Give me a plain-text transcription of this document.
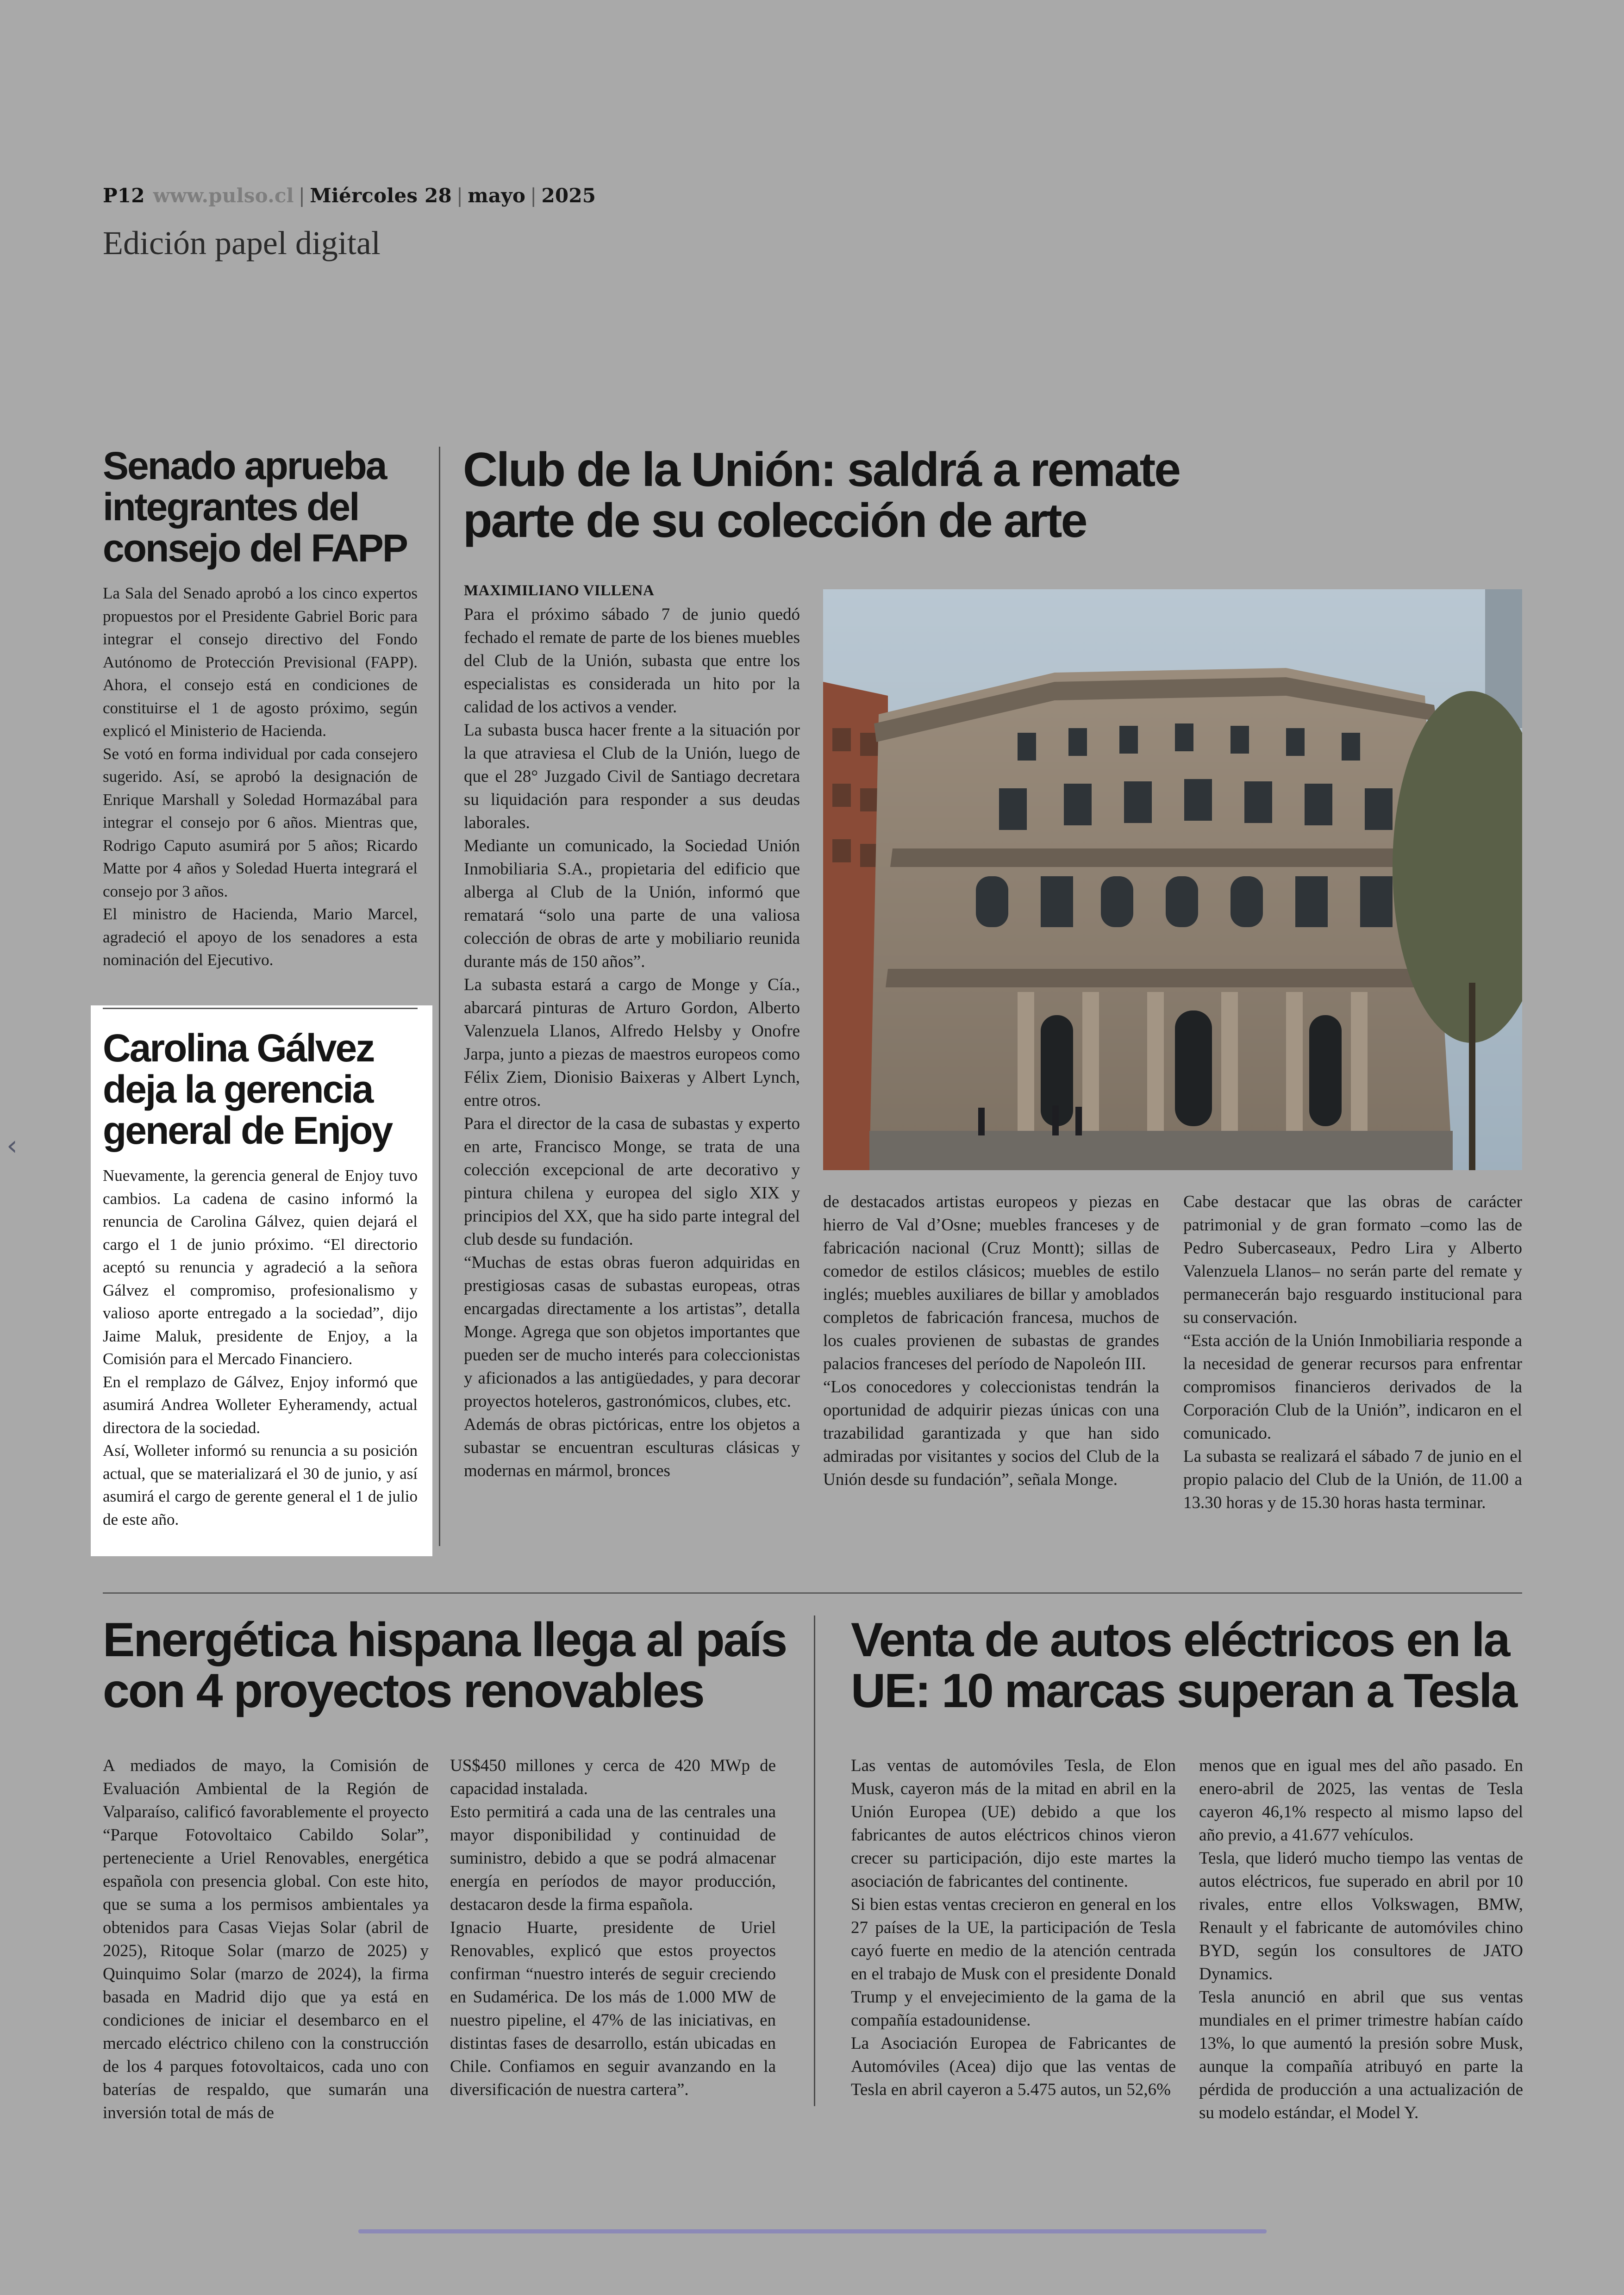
P12 www.pulso.cl | Miércoles 28 | mayo | 2025
Edición papel digital
Senado aprueba integrantes del consejo del FAPP

La Sala del Senado aprobó a los cinco expertos propuestos por el Presidente Gabriel Boric para integrar el consejo directivo del Fondo Autónomo de Protección Previsional (FAPP). Ahora, el consejo está en condiciones de constituirse el 1 de agosto próximo, según explicó el Ministerio de Hacienda.

Se votó en forma individual por cada consejero sugerido. Así, se aprobó la designación de Enrique Marshall y Soledad Hormazábal para integrar el consejo por 6 años. Mientras que, Rodrigo Caputo asumirá por 5 años; Ricardo Matte por 4 años y Soledad Huerta integrará el consejo por 3 años.

El ministro de Hacienda, Mario Marcel, agradeció el apoyo de los senadores a esta nominación del Ejecutivo.

Carolina Gálvez deja la gerencia general de Enjoy

Nuevamente, la gerencia general de Enjoy tuvo cambios. La cadena de casino informó la renuncia de Carolina Gálvez, quien dejará el cargo el 1 de junio próximo. “El directorio aceptó su renuncia y agradeció a la señora Gálvez el compromiso, profesionalismo y valioso aporte entregado a la sociedad”, dijo Jaime Maluk, presidente de Enjoy, a la Comisión para el Mercado Financiero.

En el remplazo de Gálvez, Enjoy informó que asumirá Andrea Wolleter Eyheramendy, actual directora de la sociedad.

Así, Wolleter informó su renuncia a su posición actual, que se materializará el 30 de junio, y así asumirá el cargo de gerente general el 1 de julio de este año.

Club de la Unión: saldrá a remate parte de su colección de arte
MAXIMILIANO VILLENA

Para el próximo sábado 7 de junio quedó fechado el remate de parte de los bienes muebles del Club de la Unión, subasta que entre los especialistas es considerada un hito por la calidad de los activos a vender.

La subasta busca hacer frente a la situación por la que atraviesa el Club de la Unión, luego de que el 28° Juzgado Civil de Santiago decretara su liquidación para responder a sus deudas laborales.

Mediante un comunicado, la Sociedad Unión Inmobiliaria S.A., propietaria del edificio que alberga al Club de la Unión, informó que rematará “solo una parte de una valiosa colección de obras de arte y mobiliario reunida durante más de 150 años”.

La subasta estará a cargo de Monge y Cía., abarcará pinturas de Arturo Gordon, Alberto Valenzuela Llanos, Alfredo Helsby y Onofre Jarpa, junto a piezas de maestros europeos como Félix Ziem, Dionisio Baixeras y Albert Lynch, entre otros.

Para el director de la casa de subastas y experto en arte, Francisco Monge, se trata de una colección excepcional de arte decorativo y pintura chilena y europea del siglo XIX y principios del XX, que ha sido parte integral del club desde su fundación.

“Muchas de estas obras fueron adquiridas en prestigiosas casas de subastas europeas, otras encargadas directamente a los artistas”, detalla Monge. Agrega que son objetos importantes que pueden ser de mucho interés para coleccionistas y aficionados a las antigüedades, y para decorar proyectos hoteleros, gastronómicos, clubes, etc.

Además de obras pictóricas, entre los objetos a subastar se encuentran esculturas clásicas y modernas en mármol, bronces

de destacados artistas europeos y piezas en hierro de Val d’Osne; muebles franceses y de fabricación nacional (Cruz Montt); sillas de comedor de estilos clásicos; muebles de estilo inglés; muebles auxiliares de billar y amoblados completos de fabricación francesa, muchos de los cuales provienen de subastas de grandes palacios franceses del período de Napoleón III.

“Los conocedores y coleccionistas tendrán la oportunidad de adquirir piezas únicas con una trazabilidad garantizada y que han sido admiradas por visitantes y socios del Club de la Unión desde su fundación”, señala Monge.

Cabe destacar que las obras de carácter patrimonial y de gran formato –como las de Pedro Subercaseaux, Pedro Lira y Alberto Valenzuela Llanos– no serán parte del remate y permanecerán bajo resguardo institucional para su conservación.

“Esta acción de la Unión Inmobiliaria responde a la necesidad de generar recursos para enfrentar compromisos financieros derivados de la Corporación Club de la Unión”, indicaron en el comunicado.

La subasta se realizará el sábado 7 de junio en el propio palacio del Club de la Unión, de 11.00 a 13.30 horas y de 15.30 horas hasta terminar.

Energética hispana llega al país con 4 proyectos renovables

A mediados de mayo, la Comisión de Evaluación Ambiental de la Región de Valparaíso, calificó favorablemente el proyecto “Parque Fotovoltaico Cabildo Solar”, perteneciente a Uriel Renovables, energética española con presencia global. Con este hito, que se suma a los permisos ambientales ya obtenidos para Casas Viejas Solar (abril de 2025), Ritoque Solar (marzo de 2025) y Quinquimo Solar (marzo de 2024), la firma basada en Madrid dijo que ya está en condiciones de iniciar el desembarco en el mercado eléctrico chileno con la construcción de los 4 parques fotovoltaicos, cada uno con baterías de respaldo, que sumarán una inversión total de más de

US$450 millones y cerca de 420 MWp de capacidad instalada.

Esto permitirá a cada una de las centrales una mayor disponibilidad y continuidad de suministro, debido a que se podrá almacenar energía en períodos de mayor producción, destacaron desde la firma española.

Ignacio Huarte, presidente de Uriel Renovables, explicó que estos proyectos confirman “nuestro interés de seguir creciendo en Sudamérica. De los más de 1.000 MW de nuestro pipeline, el 47% de las iniciativas, en distintas fases de desarrollo, están ubicadas en Chile. Confiamos en seguir avanzando en la diversificación de nuestra cartera”.

Venta de autos eléctricos en la UE: 10 marcas superan a Tesla

Las ventas de automóviles Tesla, de Elon Musk, cayeron más de la mitad en abril en la Unión Europea (UE) debido a que los fabricantes de autos eléctricos chinos vieron crecer su participación, dijo este martes la asociación de fabricantes del continente.

Si bien estas ventas crecieron en general en los 27 países de la UE, la participación de Tesla cayó fuerte en medio de la atención centrada en el trabajo de Musk con el presidente Donald Trump y el envejecimiento de la gama de la compañía estadounidense.

La Asociación Europea de Fabricantes de Automóviles (Acea) dijo que las ventas de Tesla en abril cayeron a 5.475 autos, un 52,6%

menos que en igual mes del año pasado. En enero-abril de 2025, las ventas de Tesla cayeron 46,1% respecto al mismo lapso del año previo, a 41.677 vehículos.

Tesla, que lideró mucho tiempo las ventas de autos eléctricos, fue superado en abril por 10 rivales, entre ellos Volkswagen, BMW, Renault y el fabricante de automóviles chino BYD, según los consultores de JATO Dynamics.

Tesla anunció en abril que sus ventas mundiales en el primer trimestre habían caído 13%, lo que aumentó la presión sobre Musk, aunque la compañía atribuyó en parte la pérdida de producción a una actualización de su modelo estándar, el Model Y.

‹
